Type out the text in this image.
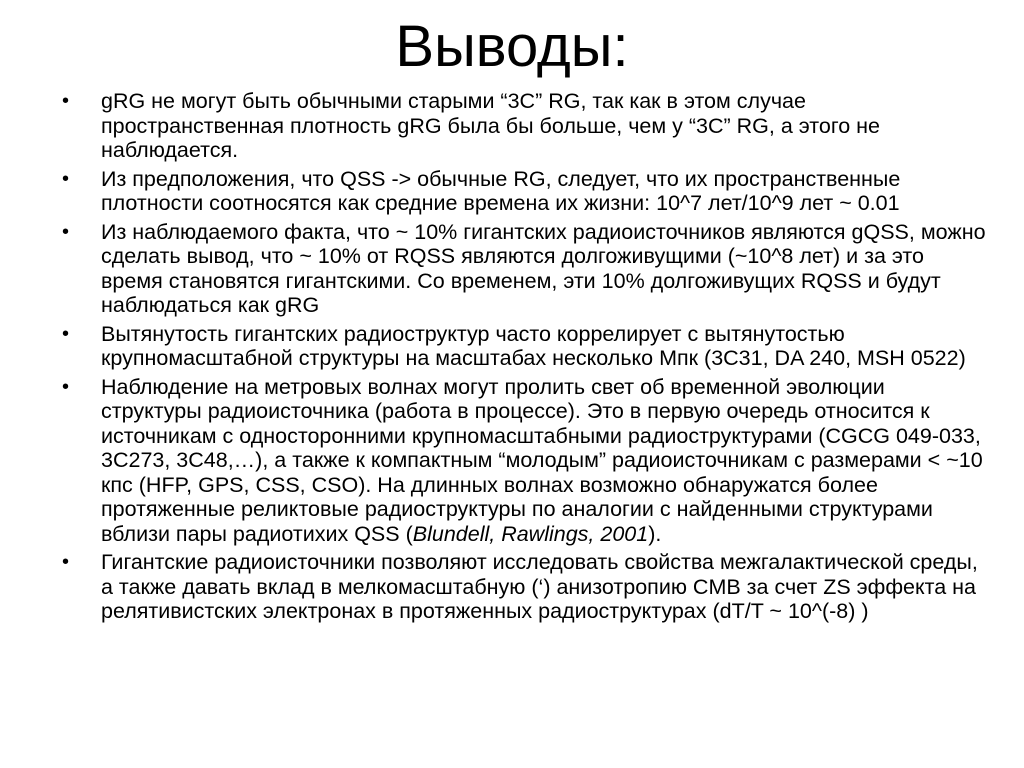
Выводы:
• gRG не могут быть обычными старыми “3C” RG, так как в этом случае пространственная плотность gRG была бы больше, чем у “3C” RG, а этого не наблюдается.
• Из предположения, что QSS -> обычные RG, следует, что их пространственные плотности соотносятся как средние времена их жизни: 10^7 лет/10^9 лет ~ 0.01
• Из наблюдаемого факта, что ~ 10% гигантских радиоисточников являются gQSS, можно сделать вывод, что ~ 10% от RQSS являются долгоживущими (~10^8 лет) и за это время становятся гигантскими. Со временем, эти 10% долгоживущих RQSS и будут наблюдаться как gRG
• Вытянутость гигантских радиоструктур часто коррелирует с вытянутостью крупномасштабной структуры на масштабах несколько Мпк (3C31, DA 240, MSH 0522)
• Наблюдение на метровых волнах могут пролить свет об временной эволюции структуры радиоисточника (работа в процессе). Это в первую очередь относится к источникам с односторонними крупномасштабными радиоструктурами (CGCG 049-033, 3C273, 3C48,…), а также к компактным “молодым” радиоисточникам с размерами < ~10 кпс (HFP, GPS, CSS, CSO). На длинных волнах возможно обнаружатся более протяженные реликтовые радиоструктуры по аналогии с найденными структурами вблизи пары радиотихих QSS (Blundell, Rawlings, 2001).
• Гигантские радиоисточники позволяют исследовать свойства межгалактической среды, а также давать вклад в мелкомасштабную (‘) анизотропию CMB за счет ZS эффекта на релятивистских электронах в протяженных радиоструктурах (dT/T ~ 10^(-8) )
